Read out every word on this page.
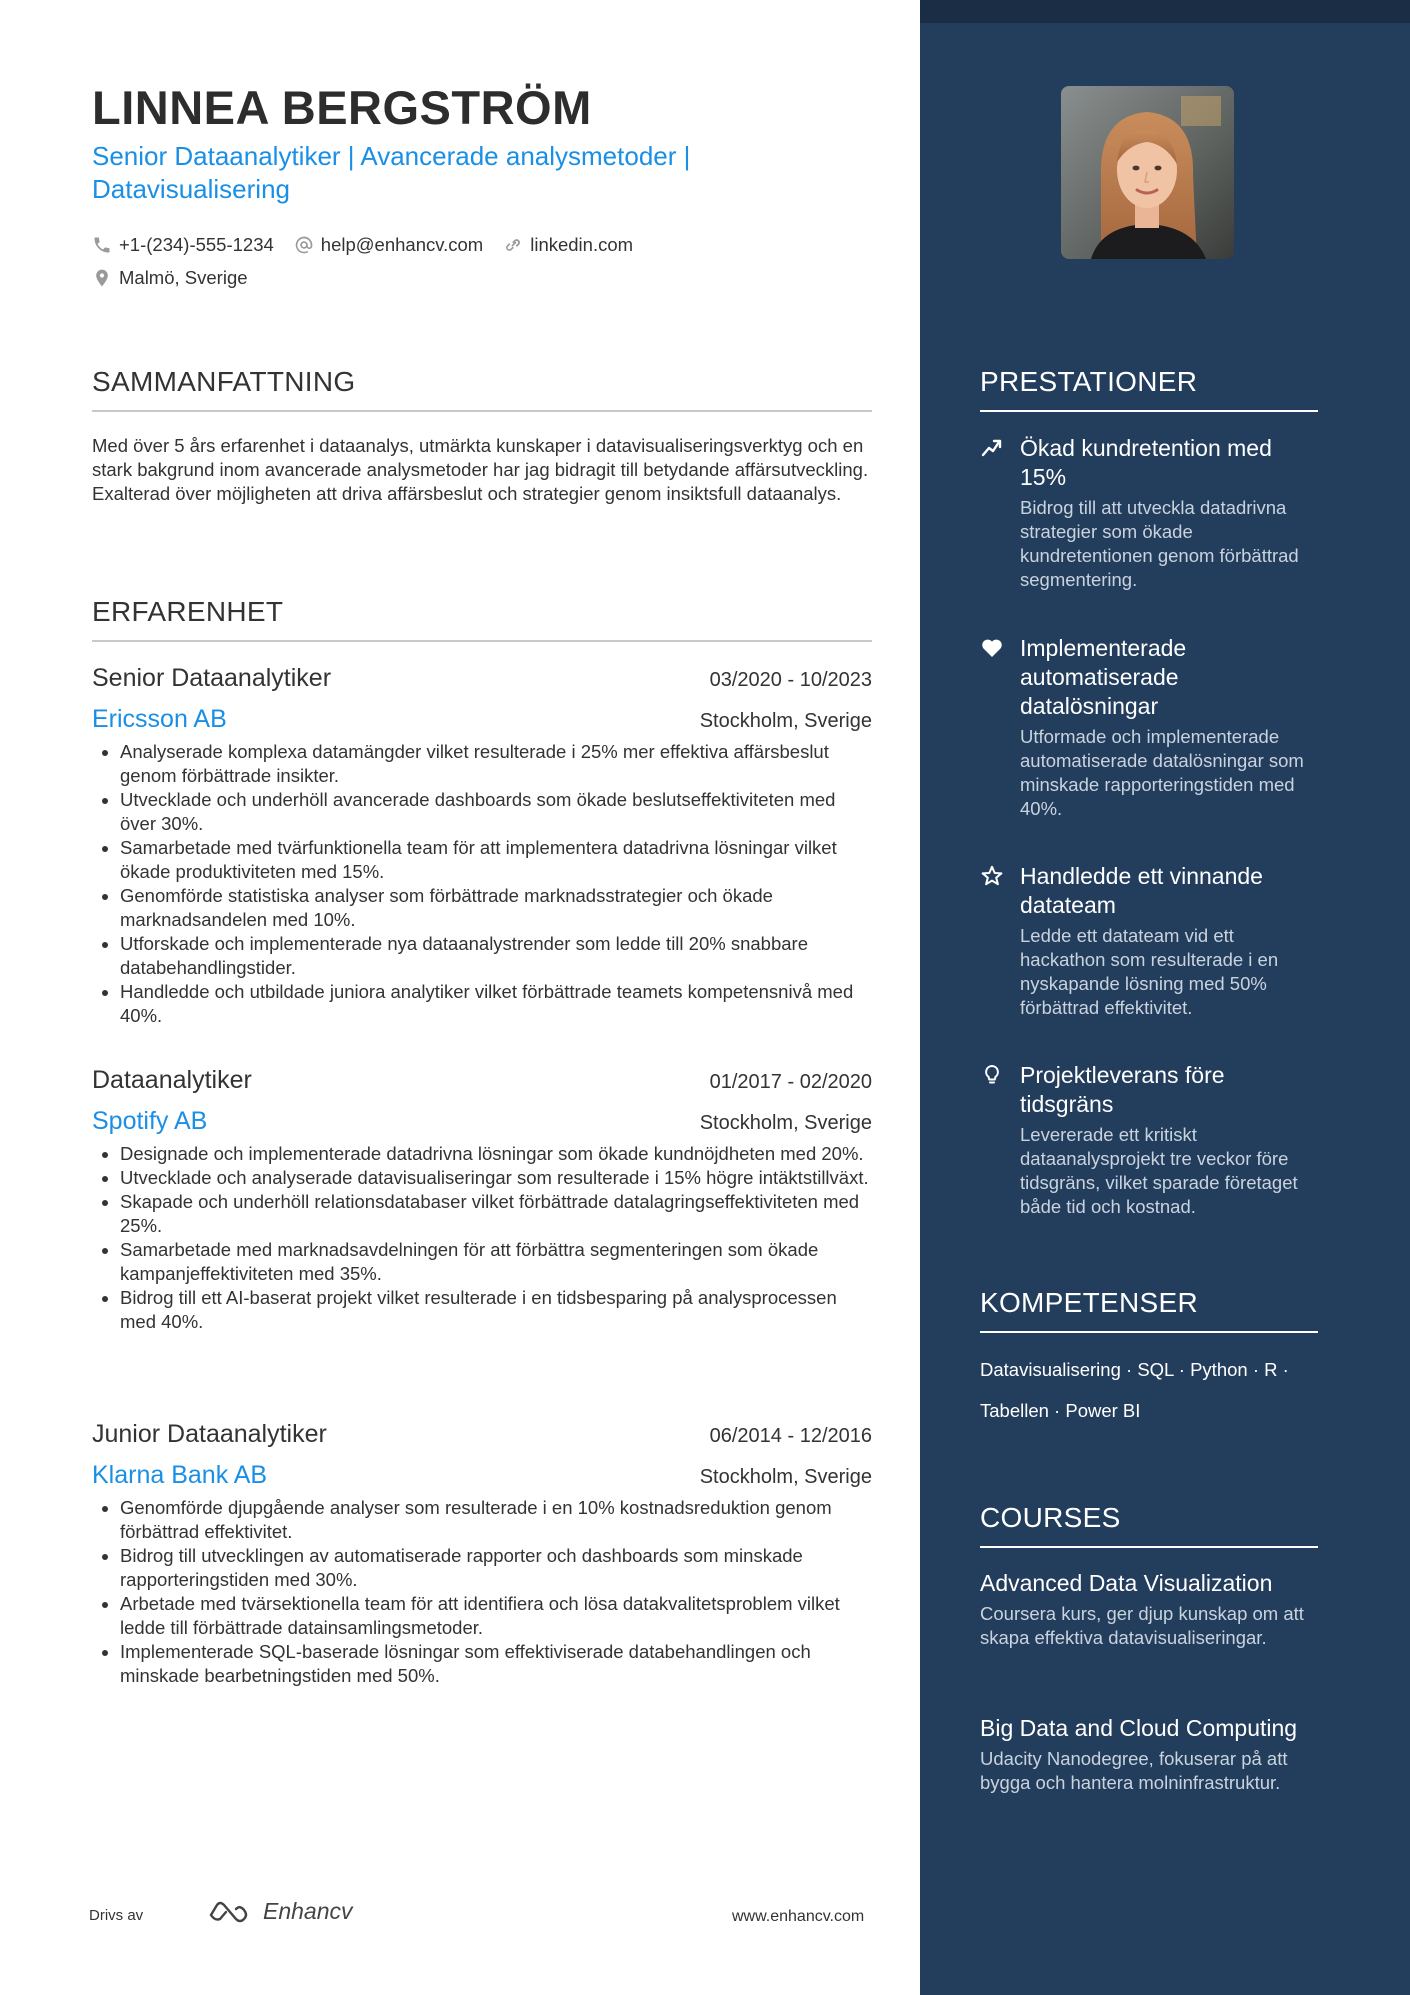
LINNEA BERGSTRÖM
Senior Dataanalytiker | Avancerade analysmetoder | Datavisualisering
+1-(234)-555-1234	help@enhancv.com	linkedin.com
Malmö, Sverige
SAMMANFATTNING
Med över 5 års erfarenhet i dataanalys, utmärkta kunskaper i datavisualiseringsverktyg och en stark bakgrund inom avancerade analysmetoder har jag bidragit till betydande affärsutveckling. Exalterad över möjligheten att driva affärsbeslut och strategier genom insiktsfull dataanalys.
ERFARENHET
Senior Dataanalytiker	03/2020 - 10/2023
Ericsson AB	Stockholm, Sverige
• Analyserade komplexa datamängder vilket resulterade i 25% mer effektiva affärsbeslut genom förbättrade insikter.
• Utvecklade och underhöll avancerade dashboards som ökade beslutseffektiviteten med över 30%.
• Samarbetade med tvärfunktionella team för att implementera datadrivna lösningar vilket ökade produktiviteten med 15%.
• Genomförde statistiska analyser som förbättrade marknadsstrategier och ökade marknadsandelen med 10%.
• Utforskade och implementerade nya dataanalystrender som ledde till 20% snabbare databehandlingstider.
• Handledde och utbildade juniora analytiker vilket förbättrade teamets kompetensnivå med 40%.
Dataanalytiker	01/2017 - 02/2020
Spotify AB	Stockholm, Sverige
• Designade och implementerade datadrivna lösningar som ökade kundnöjdheten med 20%.
• Utvecklade och analyserade datavisualiseringar som resulterade i 15% högre intäktstillväxt.
• Skapade och underhöll relationsdatabaser vilket förbättrade datalagringseffektiviteten med 25%.
• Samarbetade med marknadsavdelningen för att förbättra segmenteringen som ökade kampanjeffektiviteten med 35%.
• Bidrog till ett AI-baserat projekt vilket resulterade i en tidsbesparing på analysprocessen med 40%.
Junior Dataanalytiker	06/2014 - 12/2016
Klarna Bank AB	Stockholm, Sverige
• Genomförde djupgående analyser som resulterade i en 10% kostnadsreduktion genom förbättrad effektivitet.
• Bidrog till utvecklingen av automatiserade rapporter och dashboards som minskade rapporteringstiden med 30%.
• Arbetade med tvärsektionella team för att identifiera och lösa datakvalitetsproblem vilket ledde till förbättrade datainsamlingsmetoder.
• Implementerade SQL-baserade lösningar som effektiviserade databehandlingen och minskade bearbetningstiden med 50%.
Drivs av	Enhancv	www.enhancv.com
PRESTATIONER
Ökad kundretention med 15%
Bidrog till att utveckla datadrivna strategier som ökade kundretentionen genom förbättrad segmentering.
Implementerade automatiserade datalösningar
Utformade och implementerade automatiserade datalösningar som minskade rapporteringstiden med 40%.
Handledde ett vinnande datateam
Ledde ett datateam vid ett hackathon som resulterade i en nyskapande lösning med 50% förbättrad effektivitet.
Projektleverans före tidsgräns
Levererade ett kritiskt dataanalysprojekt tre veckor före tidsgräns, vilket sparade företaget både tid och kostnad.
KOMPETENSER
Datavisualisering · SQL · Python · R ·
Tabellen · Power BI
COURSES
Advanced Data Visualization
Coursera kurs, ger djup kunskap om att skapa effektiva datavisualiseringar.
Big Data and Cloud Computing
Udacity Nanodegree, fokuserar på att bygga och hantera molninfrastruktur.
